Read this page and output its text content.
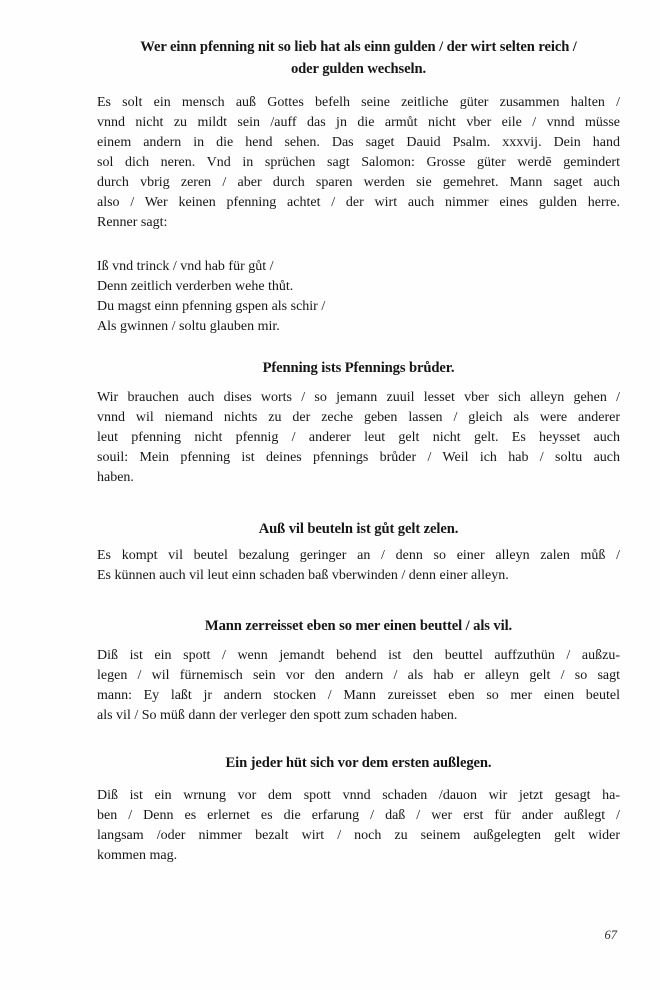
Wer einn pfenning nit so lieb hat als einn gulden / der wirt selten reich /
oder gulden wechseln.
Es solt ein mensch auß Gottes befelh seine zeitliche güter zusammen halten /
vnnd nicht zu mildt sein /auff das jn die armůt nicht vber eile / vnnd müsse
einem andern in die hend sehen. Das saget Dauid Psalm. xxxvij. Dein hand
sol dich neren. Vnd in sprüchen sagt Salomon: Grosse güter werdē gemindert
durch vbrig zeren / aber durch sparen werden sie gemehret. Mann saget auch
also / Wer keinen pfenning achtet / der wirt auch nimmer eines gulden herre.
Renner sagt:
Iß vnd trinck / vnd hab für gůt /
Denn zeitlich verderben wehe thůt.
Du magst einn pfenning gspen als schir /
Als gwinnen / soltu glauben mir.
Pfenning ists Pfennings brůder.
Wir brauchen auch dises worts / so jemann zuuil lesset vber sich alleyn gehen /
vnnd wil niemand nichts zu der zeche geben lassen / gleich als were anderer
leut pfenning nicht pfennig / anderer leut gelt nicht gelt. Es heysset auch
souil: Mein pfenning ist deines pfennings brůder / Weil ich hab / soltu auch
haben.
Auß vil beuteln ist gůt gelt zelen.
Es kompt vil beutel bezalung geringer an / denn so einer alleyn zalen můß /
Es künnen auch vil leut einn schaden baß vberwinden / denn einer alleyn.
Mann zerreisset eben so mer einen beuttel / als vil.
Diß ist ein spott / wenn jemandt behend ist den beuttel auffzuthün / außzu-
legen / wil fürnemisch sein vor den andern / als hab er alleyn gelt / so sagt
mann: Ey laßt jr andern stocken / Mann zureisset eben so mer einen beutel
als vil / So müß dann der verleger den spott zum schaden haben.
Ein jeder hüt sich vor dem ersten außlegen.
Diß ist ein wrnung vor dem spott vnnd schaden /dauon wir jetzt gesagt ha-
ben / Denn es erlernet es die erfarung / daß / wer erst für ander außlegt /
langsam /oder nimmer bezalt wirt / noch zu seinem außgelegten gelt wider
kommen mag.
67
